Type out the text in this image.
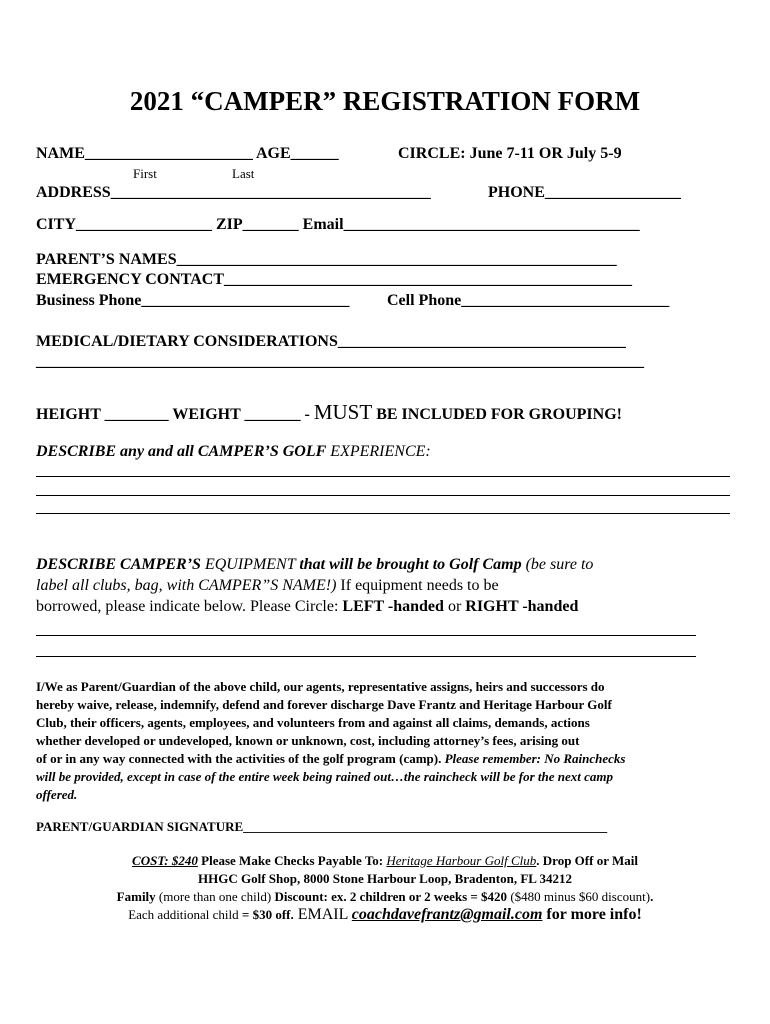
2021 “CAMPER” REGISTRATION FORM
NAME_____________________ AGE______	CIRCLE: June 7-11 OR July 5-9
First	Last
ADDRESS________________________________________	PHONE_________________
CITY_________________ ZIP_______ Email_____________________________________
PARENT’S NAMES_______________________________________________________
EMERGENCY CONTACT___________________________________________________
Business Phone__________________________ Cell Phone__________________________
MEDICAL/DIETARY CONSIDERATIONS____________________________________
____________________________________________________________________________
HEIGHT ________ WEIGHT _______ - MUST BE INCLUDED FOR GROUPING!
DESCRIBE any and all CAMPER’S GOLF EXPERIENCE:
DESCRIBE CAMPER’S EQUIPMENT that will be brought to Golf Camp (be sure to
label all clubs, bag, with CAMPER”S NAME!) If equipment needs to be
borrowed, please indicate below. Please Circle: LEFT -handed or RIGHT -handed
I/We as Parent/Guardian of the above child, our agents, representative assigns, heirs and successors do
hereby waive, release, indemnify, defend and forever discharge Dave Frantz and Heritage Harbour Golf
Club, their officers, agents, employees, and volunteers from and against all claims, demands, actions
whether developed or undeveloped, known or unknown, cost, including attorney’s fees, arising out
of or in any way connected with the activities of the golf program (camp). Please remember: No Rainchecks
will be provided, except in case of the entire week being rained out…the raincheck will be for the next camp
offered.
PARENT/GUARDIAN SIGNATURE________________________________________________________
COST: $240 Please Make Checks Payable To: Heritage Harbour Golf Club. Drop Off or Mail
HHGC Golf Shop, 8000 Stone Harbour Loop, Bradenton, FL 34212
Family (more than one child) Discount: ex. 2 children or 2 weeks = $420 ($480 minus $60 discount).
Each additional child = $30 off. EMAIL coachdavefrantz@gmail.com for more info!
